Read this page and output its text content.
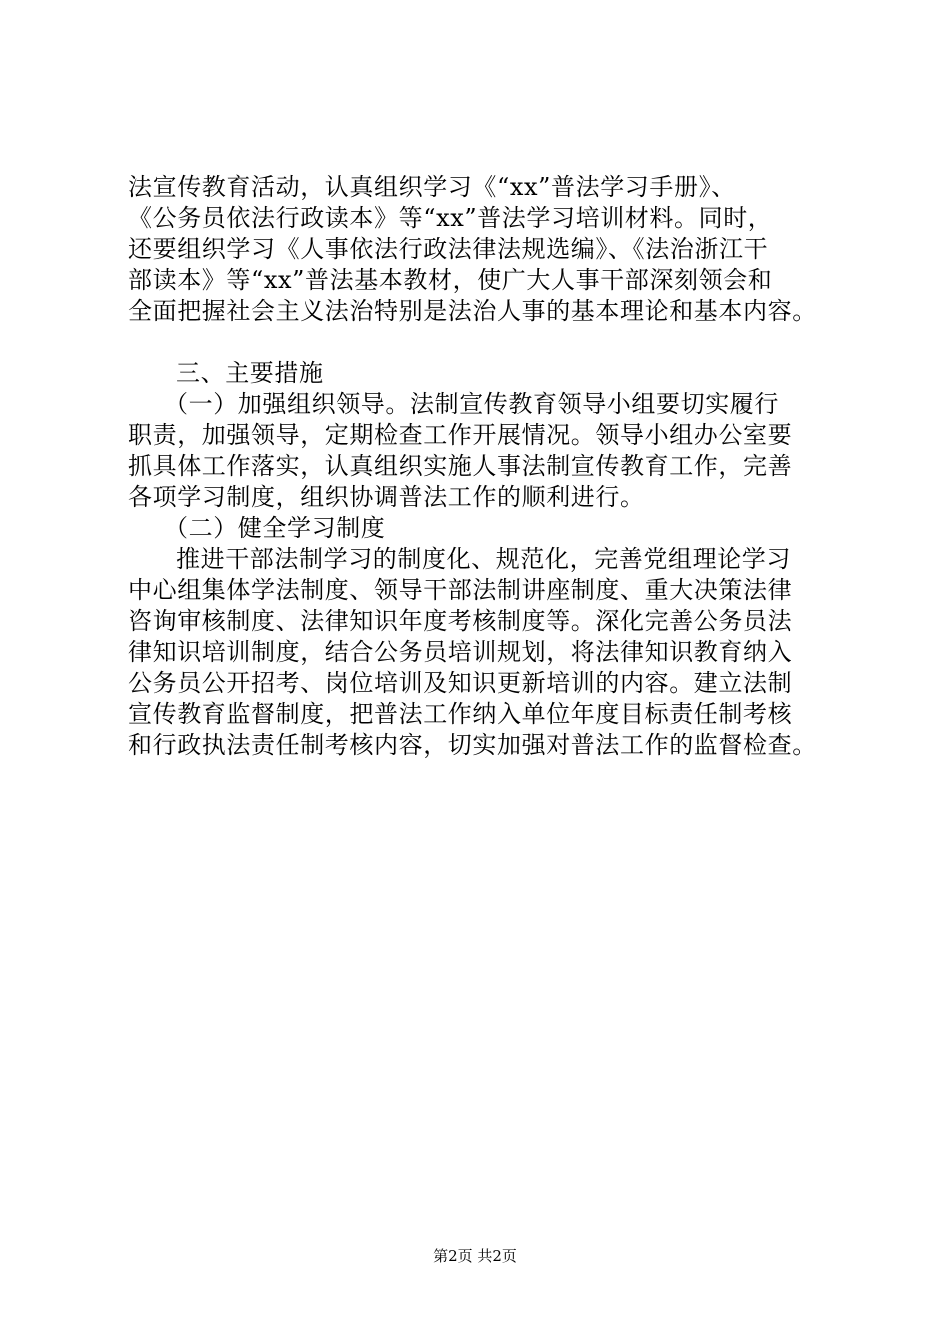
法宣传教育活动，认真组织学习《“xx”普法学习手册》、
《公务员依法行政读本》等“xx”普法学习培训材料。同时，
还要组织学习《人事依法行政法律法规选编》、《法治浙江干
部读本》等“xx”普法基本教材，使广大人事干部深刻领会和
全面把握社会主义法治特别是法治人事的基本理论和基本内容。
三、主要措施
（一）加强组织领导。法制宣传教育领导小组要切实履行
职责，加强领导，定期检查工作开展情况。领导小组办公室要
抓具体工作落实，认真组织实施人事法制宣传教育工作，完善
各项学习制度，组织协调普法工作的顺利进行。
（二）健全学习制度
推进干部法制学习的制度化、规范化，完善党组理论学习
中心组集体学法制度、领导干部法制讲座制度、重大决策法律
咨询审核制度、法律知识年度考核制度等。深化完善公务员法
律知识培训制度，结合公务员培训规划，将法律知识教育纳入
公务员公开招考、岗位培训及知识更新培训的内容。建立法制
宣传教育监督制度，把普法工作纳入单位年度目标责任制考核
和行政执法责任制考核内容，切实加强对普法工作的监督检查。
第2页 共2页
